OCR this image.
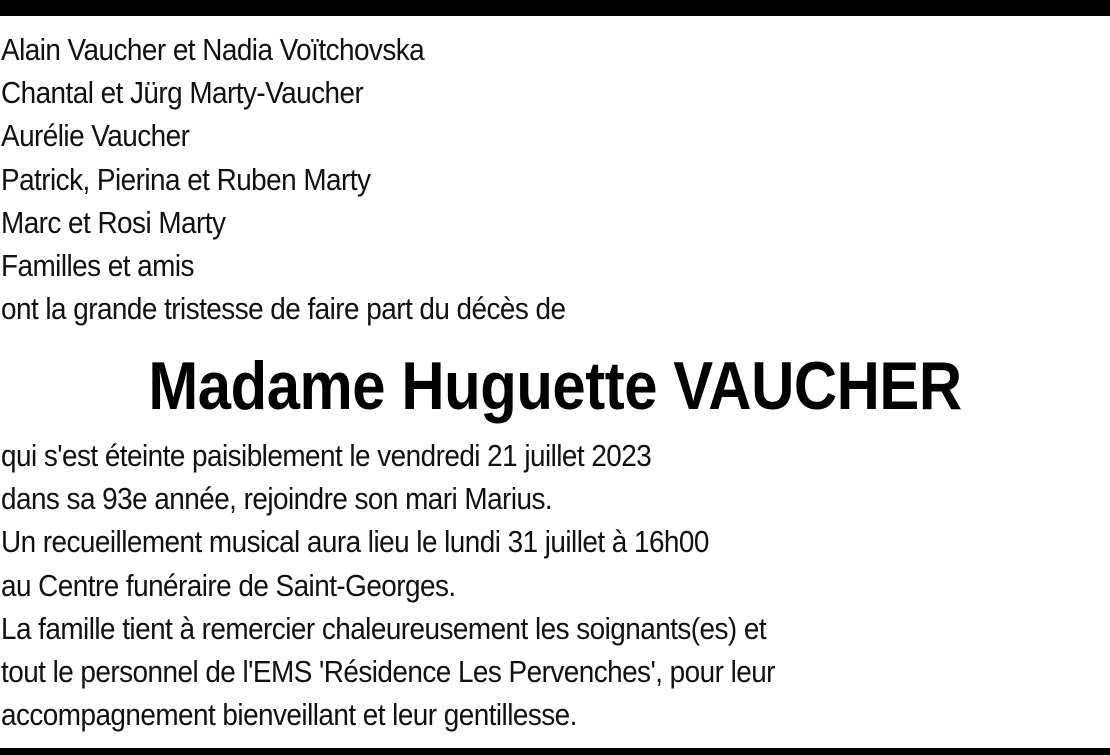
Alain Vaucher et Nadia Voïtchovska
Chantal et Jürg Marty-Vaucher
Aurélie Vaucher
Patrick, Pierina et Ruben Marty
Marc et Rosi Marty
Familles et amis
ont la grande tristesse de faire part du décès de
Madame Huguette VAUCHER
qui s'est éteinte paisiblement le vendredi 21 juillet 2023
dans sa 93e année, rejoindre son mari Marius.
Un recueillement musical aura lieu le lundi 31 juillet à 16h00
au Centre funéraire de Saint-Georges.
La famille tient à remercier chaleureusement les soignants(es) et
tout le personnel de l'EMS 'Résidence Les Pervenches', pour leur
accompagnement bienveillant et leur gentillesse.
